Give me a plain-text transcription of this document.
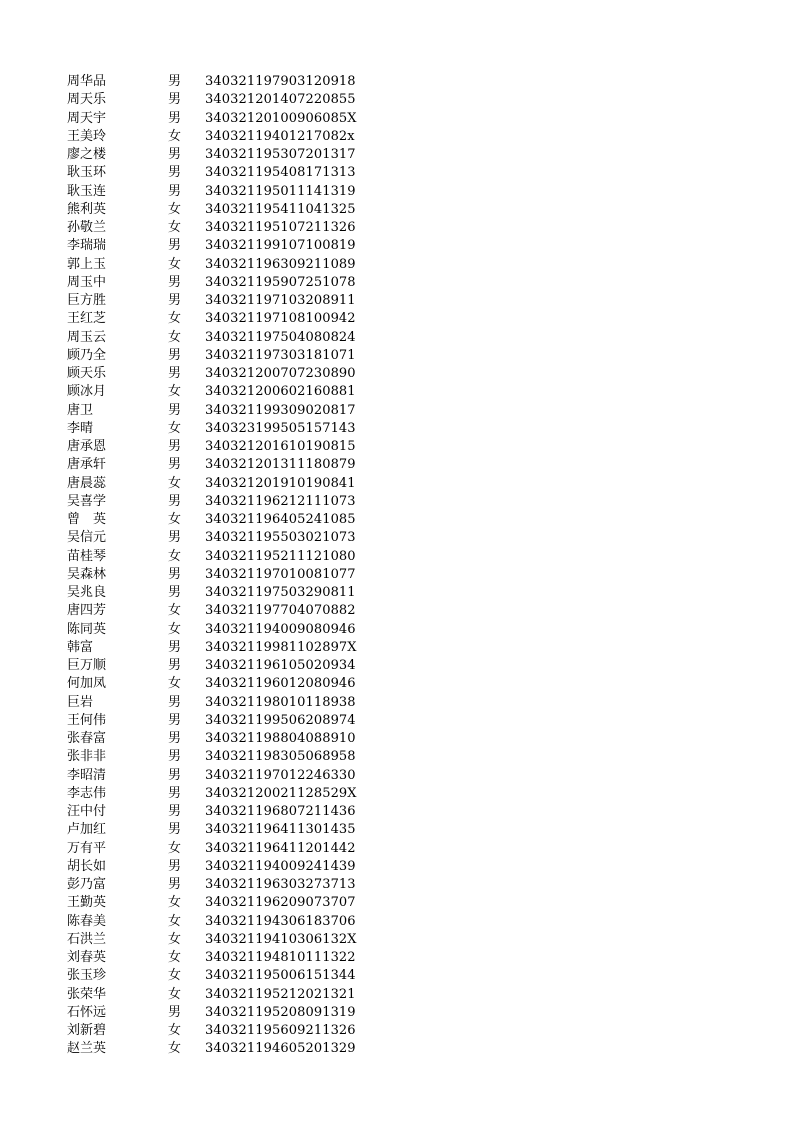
周华品	男 340321197903120918
周天乐	男 340321201407220855
周天宇	男 34032120100906085X
王美玲	女 34032119401217082x
廖之楼	男 340321195307201317
耿玉环	男 340321195408171313
耿玉连	男 340321195011141319
熊利英	女 340321195411041325
孙敬兰	女 340321195107211326
李瑞瑞	男 340321199107100819
郭上玉	女 340321196309211089
周玉中	男 340321195907251078
巨方胜	男 340321197103208911
王红芝	女 340321197108100942
周玉云	女 340321197504080824
顾乃全	男 340321197303181071
顾天乐	男 340321200707230890
顾冰月	女 340321200602160881
唐卫	男 340321199309020817
李晴	女 340323199505157143
唐承恩	男 340321201610190815
唐承轩	男 340321201311180879
唐晨蕊	女 340321201910190841
吴喜学	男 340321196212111073
曾　英	女 340321196405241085
吴信元	男 340321195503021073
苗桂琴	女 340321195211121080
吴森林	男 340321197010081077
吴兆良	男 340321197503290811
唐四芳	女 340321197704070882
陈同英	女 340321194009080946
韩富	男 34032119981102897X
巨万顺	男 340321196105020934
何加凤	女 340321196012080946
巨岩	男 340321198010118938
王何伟	男 340321199506208974
张春富	男 340321198804088910
张非非	男 340321198305068958
李昭清	男 340321197012246330
李志伟	男 34032120021128529X
汪中付	男 340321196807211436
卢加红	男 340321196411301435
万有平	女 340321196411201442
胡长如	男 340321194009241439
彭乃富	男 340321196303273713
王勤英	女 340321196209073707
陈春美	女 340321194306183706
石洪兰	女 34032119410306132X
刘春英	女 340321194810111322
张玉珍	女 340321195006151344
张荣华	女 340321195212021321
石怀远	男 340321195208091319
刘新碧	女 340321195609211326
赵兰英	女 340321194605201329
